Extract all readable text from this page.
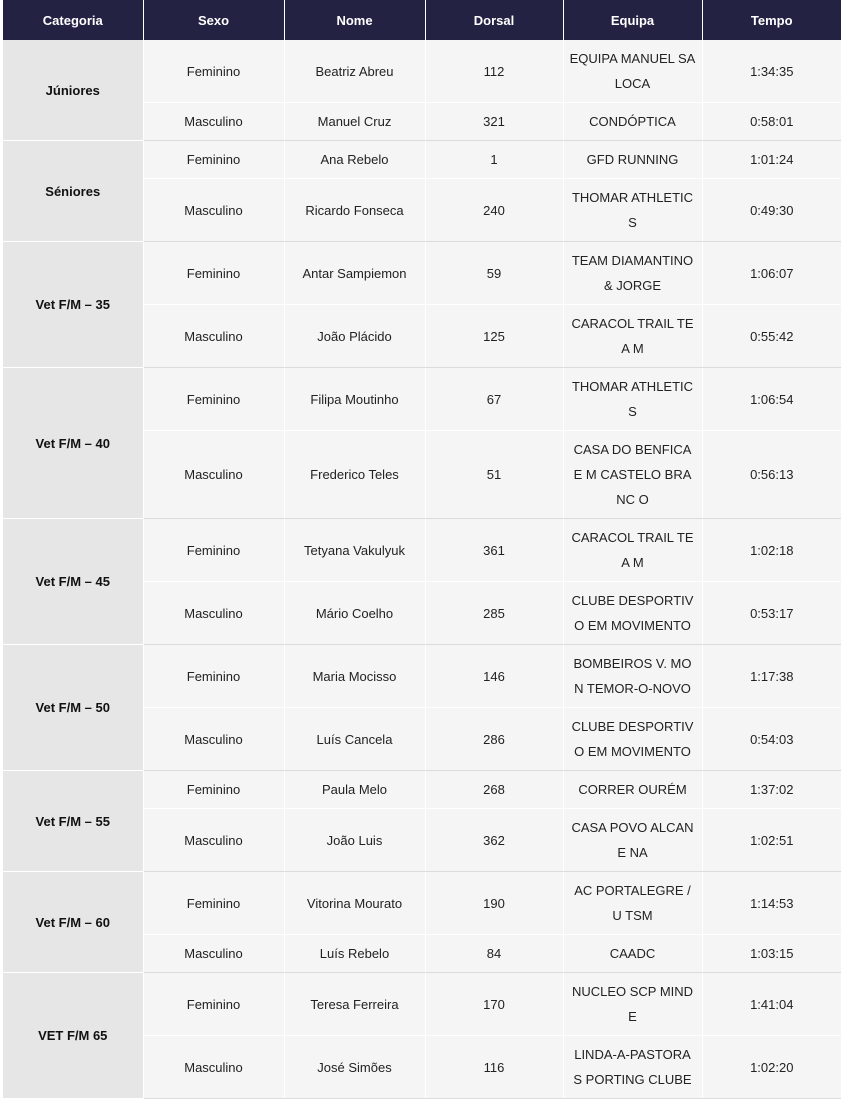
Categoria	Sexo	Nome	Dorsal	Equipa	Tempo
Júniores	Feminino	Beatriz Abreu	112	EQUIPA MANUEL SA LOCA	1:34:35
	Masculino	Manuel Cruz	321	CONDÓPTICA	0:58:01
Séniores	Feminino	Ana Rebelo	1	GFD RUNNING	1:01:24
	Masculino	Ricardo Fonseca	240	THOMAR ATHLETICS	0:49:30
Vet F/M – 35	Feminino	Antar Sampiemon	59	TEAM DIAMANTINO & JORGE	1:06:07
	Masculino	João Plácido	125	CARACOL TRAIL TEA M	0:55:42
Vet F/M – 40	Feminino	Filipa Moutinho	67	THOMAR ATHLETICS	1:06:54
	Masculino	Frederico Teles	51	CASA DO BENFICA E M CASTELO BRANC O	0:56:13
Vet F/M – 45	Feminino	Tetyana Vakulyuk	361	CARACOL TRAIL TEA M	1:02:18
	Masculino	Mário Coelho	285	CLUBE DESPORTIVO EM MOVIMENTO	0:53:17
Vet F/M – 50	Feminino	Maria Mocisso	146	BOMBEIROS V. MON TEMOR-O-NOVO	1:17:38
	Masculino	Luís Cancela	286	CLUBE DESPORTIVO EM MOVIMENTO	0:54:03
Vet F/M – 55	Feminino	Paula Melo	268	CORRER OURÉM	1:37:02
	Masculino	João Luis	362	CASA POVO ALCANE NA	1:02:51
Vet F/M – 60	Feminino	Vitorina Mourato	190	AC PORTALEGRE / U TSM	1:14:53
	Masculino	Luís Rebelo	84	CAADC	1:03:15
VET F/M 65	Feminino	Teresa Ferreira	170	NUCLEO SCP MINDE	1:41:04
	Masculino	José Simões	116	LINDA-A-PASTORA S PORTING CLUBE	1:02:20
